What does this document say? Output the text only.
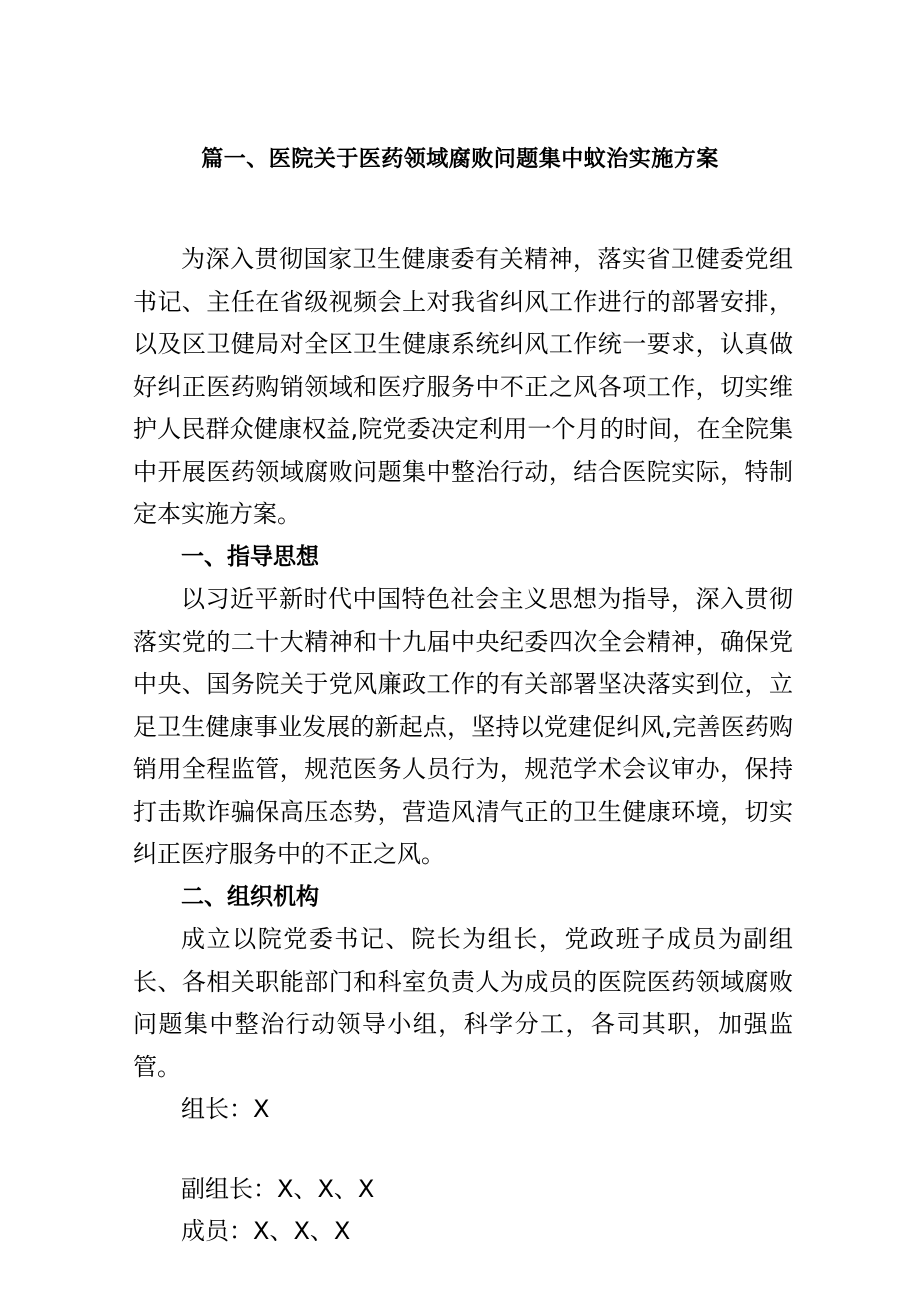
篇一、医院关于医药领域腐败问题集中蚊治实施方案

为深入贯彻国家卫生健康委有关精神，落实省卫健委党组书记、主任在省级视频会上对我省纠风工作进行的部署安排，以及区卫健局对全区卫生健康系统纠风工作统一要求，认真做好纠正医药购销领域和医疗服务中不正之风各项工作，切实维护人民群众健康权益,院党委决定利用一个月的时间，在全院集中开展医药领域腐败问题集中整治行动，结合医院实际，特制定本实施方案。

一、指导思想

以习近平新时代中国特色社会主义思想为指导，深入贯彻落实党的二十大精神和十九届中央纪委四次全会精神，确保党中央、国务院关于党风廉政工作的有关部署坚决落实到位，立足卫生健康事业发展的新起点，坚持以党建促纠风,完善医药购销用全程监管，规范医务人员行为，规范学术会议审办，保持打击欺诈骗保高压态势，营造风清气正的卫生健康环境，切实纠正医疗服务中的不正之风。

二、组织机构

成立以院党委书记、院长为组长，党政班子成员为副组长、各相关职能部门和科室负责人为成员的医院医药领域腐败问题集中整治行动领导小组，科学分工，各司其职，加强监管。

组长：X
副组长：X、X、X
成员：X、X、X
